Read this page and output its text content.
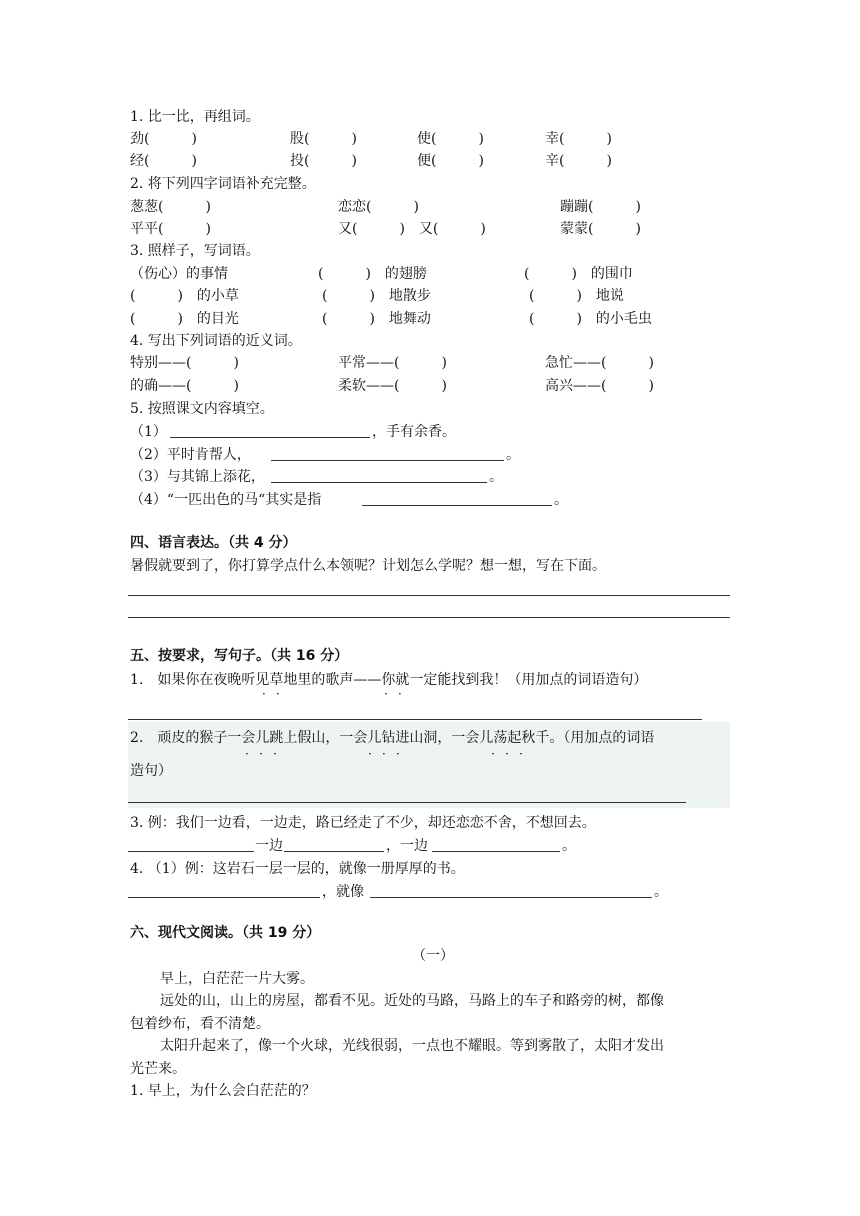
1. 比一比，再组词。
劲(　　　)	股(　　　)	使(　　　)	幸(　　　)
经(　　　)	投(　　　)	便(　　　)	辛(　　　)
2. 将下列四字词语补充完整。
葱葱(　　　)	恋恋(　　　)	蹦蹦(　　　)
平平(　　　)	又(　　　)　又(　　　)	蒙蒙(　　　)
3. 照样子，写词语。
（伤心）的事情	(　　　)　的翅膀	(　　　)　的围巾
(　　　)　的小草	(　　　)　地散步	(　　　)　地说
(　　　)　的目光	(　　　)　地舞动	(　　　)　的小毛虫
4. 写出下列词语的近义词。
特别——(　　　)	平常——(　　　)	急忙——(　　　)
的确——(　　　)	柔软——(　　　)	高兴——(　　　)
5. 按照课文内容填空。
（1）	，手有余香。
（2）平时肯帮人，	。
（3）与其锦上添花，	。
（4）“一匹出色的马“其实是指	。
四、语言表达。（共 4 分）
暑假就要到了，你打算学点什么本领呢？计划怎么学呢？想一想，写在下面。
五、按要求，写句子。（共 16 分）
1.　如果你在夜晚听见草地里的歌声——你就一定能找到我！（用加点的词语造句）
· ·	· ·
2.　顽皮的猴子一会儿跳上假山，一会儿钻进山洞，一会儿荡起秋千。（用加点的词语
· · ·	· · ·	· · ·
造句）
3. 例：我们一边看，一边走，路已经走了不少，却还恋恋不舍，不想回去。
一边	，一边	。
4. （1）例：这岩石一层一层的，就像一册厚厚的书。
，就像	。
六、现代文阅读。（共 19 分）
（一）
早上，白茫茫一片大雾。
远处的山，山上的房屋，都看不见。近处的马路，马路上的车子和路旁的树，都像
包着纱布，看不清楚。
太阳升起来了，像一个火球，光线很弱，一点也不耀眼。等到雾散了，太阳才发出
光芒来。
1. 早上，为什么会白茫茫的？
